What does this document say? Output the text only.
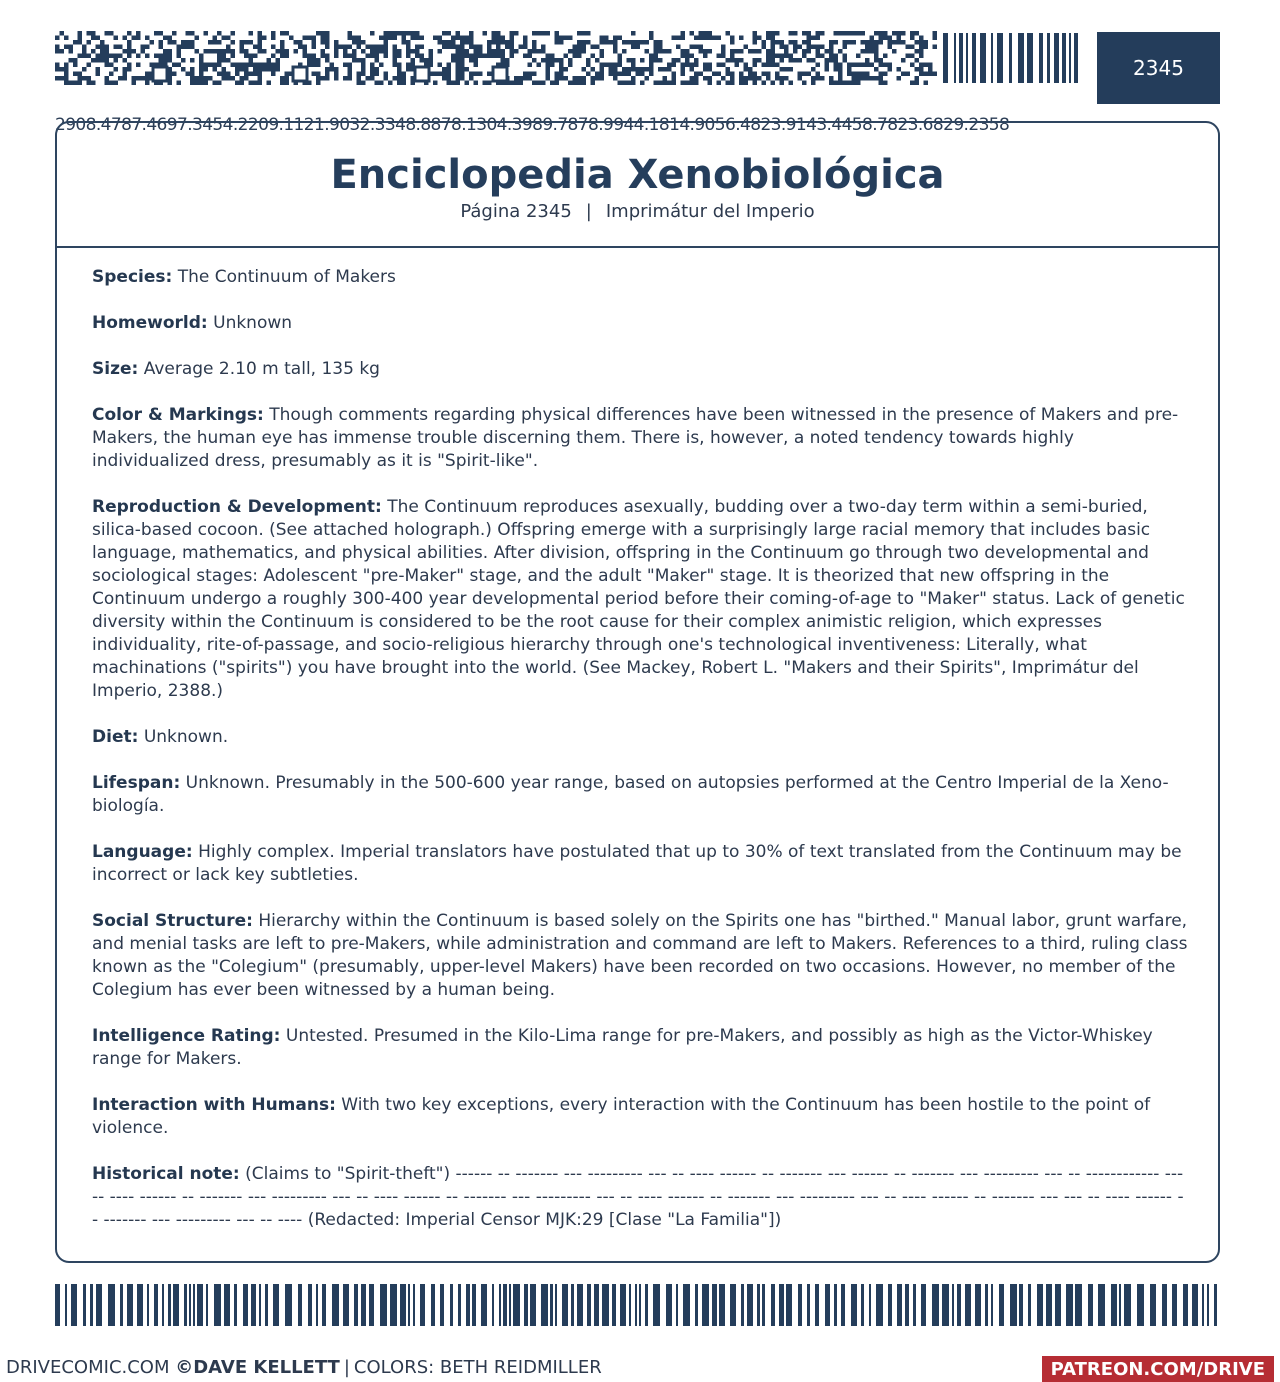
2908.4787.4697.3454.2209.1121.9032.3348.8878.1304.3989.7878.9944.1814.9056.4823.9143.4458.7823.6829.2358
2345
Enciclopedia Xenobiológica
Página 2345 | Imprimátur del Imperio

Species: The Continuum of Makers

Homeworld: Unknown

Size: Average 2.10 m tall, 135 kg

Color & Markings: Though comments regarding physical differences have been witnessed in the presence of Makers and pre-Makers, the human eye has immense trouble discerning them. There is, however, a noted tendency towards highly individualized dress, presumably as it is "Spirit-like".

Reproduction & Development: The Continuum reproduces asexually, budding over a two-day term within a semi-buried, silica-based cocoon. (See attached holograph.) Offspring emerge with a surprisingly large racial memory that includes basic language, mathematics, and physical abilities. After division, offspring in the Continuum go through two developmental and sociological stages: Adolescent "pre-Maker" stage, and the adult "Maker" stage. It is theorized that new offspring in the Continuum undergo a roughly 300-400 year developmental period before their coming-of-age to "Maker" status. Lack of genetic diversity within the Continuum is considered to be the root cause for their complex animistic religion, which expresses individuality, rite-of-passage, and socio-religious hierarchy through one's technological inventiveness: Literally, what machinations ("spirits") you have brought into the world. (See Mackey, Robert L. "Makers and their Spirits", Imprimátur del Imperio, 2388.)

Diet: Unknown.

Lifespan: Unknown. Presumably in the 500-600 year range, based on autopsies performed at the Centro Imperial de la Xeno-biología.

Language: Highly complex. Imperial translators have postulated that up to 30% of text translated from the Continuum may be incorrect or lack key subtleties.

Social Structure: Hierarchy within the Continuum is based solely on the Spirits one has "birthed." Manual labor, grunt warfare, and menial tasks are left to pre-Makers, while administration and command are left to Makers. References to a third, ruling class known as the "Colegium" (presumably, upper-level Makers) have been recorded on two occasions. However, no member of the Colegium has ever been witnessed by a human being.

Intelligence Rating: Untested. Presumed in the Kilo-Lima range for pre-Makers, and possibly as high as the Victor-Whiskey range for Makers.

Interaction with Humans: With two key exceptions, every interaction with the Continuum has been hostile to the point of violence.

Historical note: (Claims to "Spirit-theft") ------ -- ------- --- --------- --- -- ---- ------ -- ------- --- ------ -- ------- --- --------- --- -- ------------ --- -- ---- ------ -- ------- --- --------- --- -- ---- ------ -- ------- --- --------- --- -- ---- ------ -- ------- --- --------- --- -- ---- ------ -- ------- --- --- -- ---- ------ -- ------- --- --------- --- -- ---- (Redacted: Imperial Censor MJK:29 [Clase "La Familia"])

DRIVECOMIC.COM ©DAVE KELLETT | COLORS: BETH REIDMILLER	PATREON.COM/DRIVE
